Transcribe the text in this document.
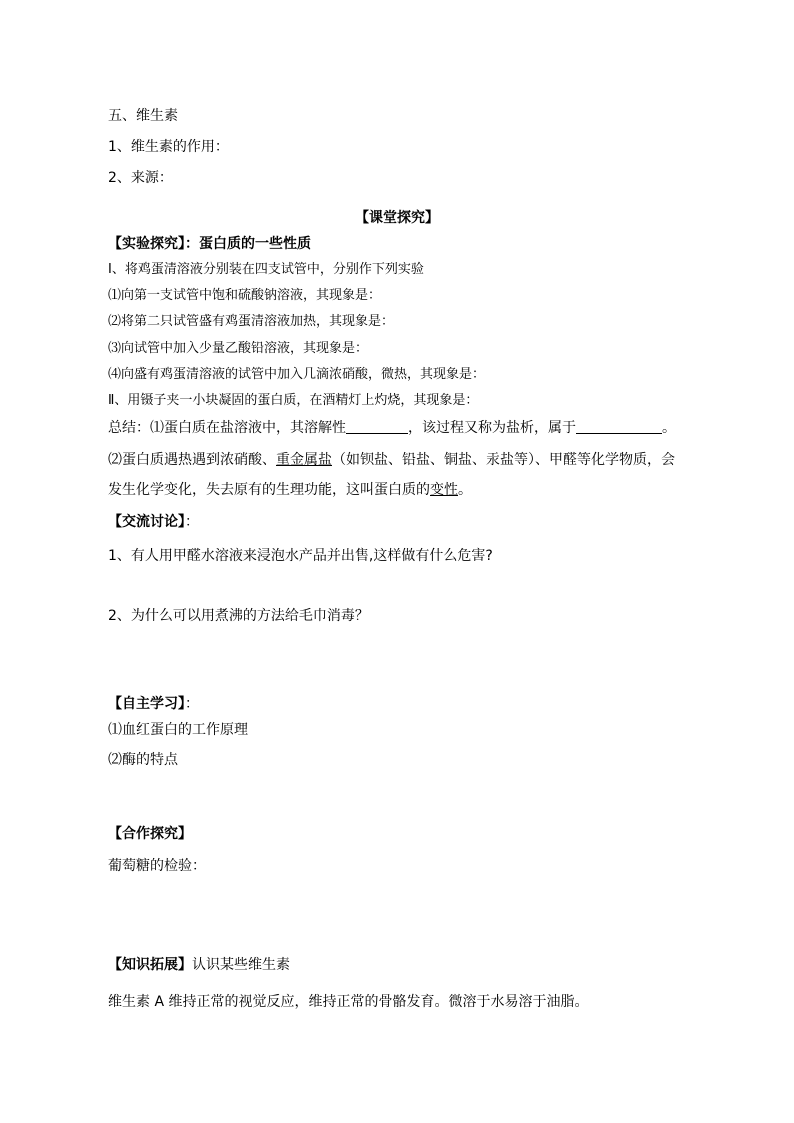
五、维生素
1、维生素的作用：
2、来源：
【课堂探究】
【实验探究】：蛋白质的一些性质
Ⅰ、将鸡蛋清溶液分别装在四支试管中，分别作下列实验
⑴向第一支试管中饱和硫酸钠溶液，其现象是：
⑵将第二只试管盛有鸡蛋清溶液加热，其现象是：
⑶向试管中加入少量乙酸铅溶液，其现象是：
⑷向盛有鸡蛋清溶液的试管中加入几滴浓硝酸，微热，其现象是：
Ⅱ、用镊子夹一小块凝固的蛋白质，在酒精灯上灼烧，其现象是：
总结：⑴蛋白质在盐溶液中，其溶解性	，该过程又称为盐析，属于	。
⑵蛋白质遇热遇到浓硝酸、重金属盐（如钡盐、铅盐、铜盐、汞盐等）、甲醛等化学物质，会
发生化学变化，失去原有的生理功能，这叫蛋白质的变性。
【交流讨论】：
1、有人用甲醛水溶液来浸泡水产品并出售,这样做有什么危害?
2、为什么可以用煮沸的方法给毛巾消毒？
【自主学习】：
⑴血红蛋白的工作原理
⑵酶的特点
【合作探究】
葡萄糖的检验：
【知识拓展】认识某些维生素
维生素 A 维持正常的视觉反应，维持正常的骨骼发育。微溶于水易溶于油脂。
